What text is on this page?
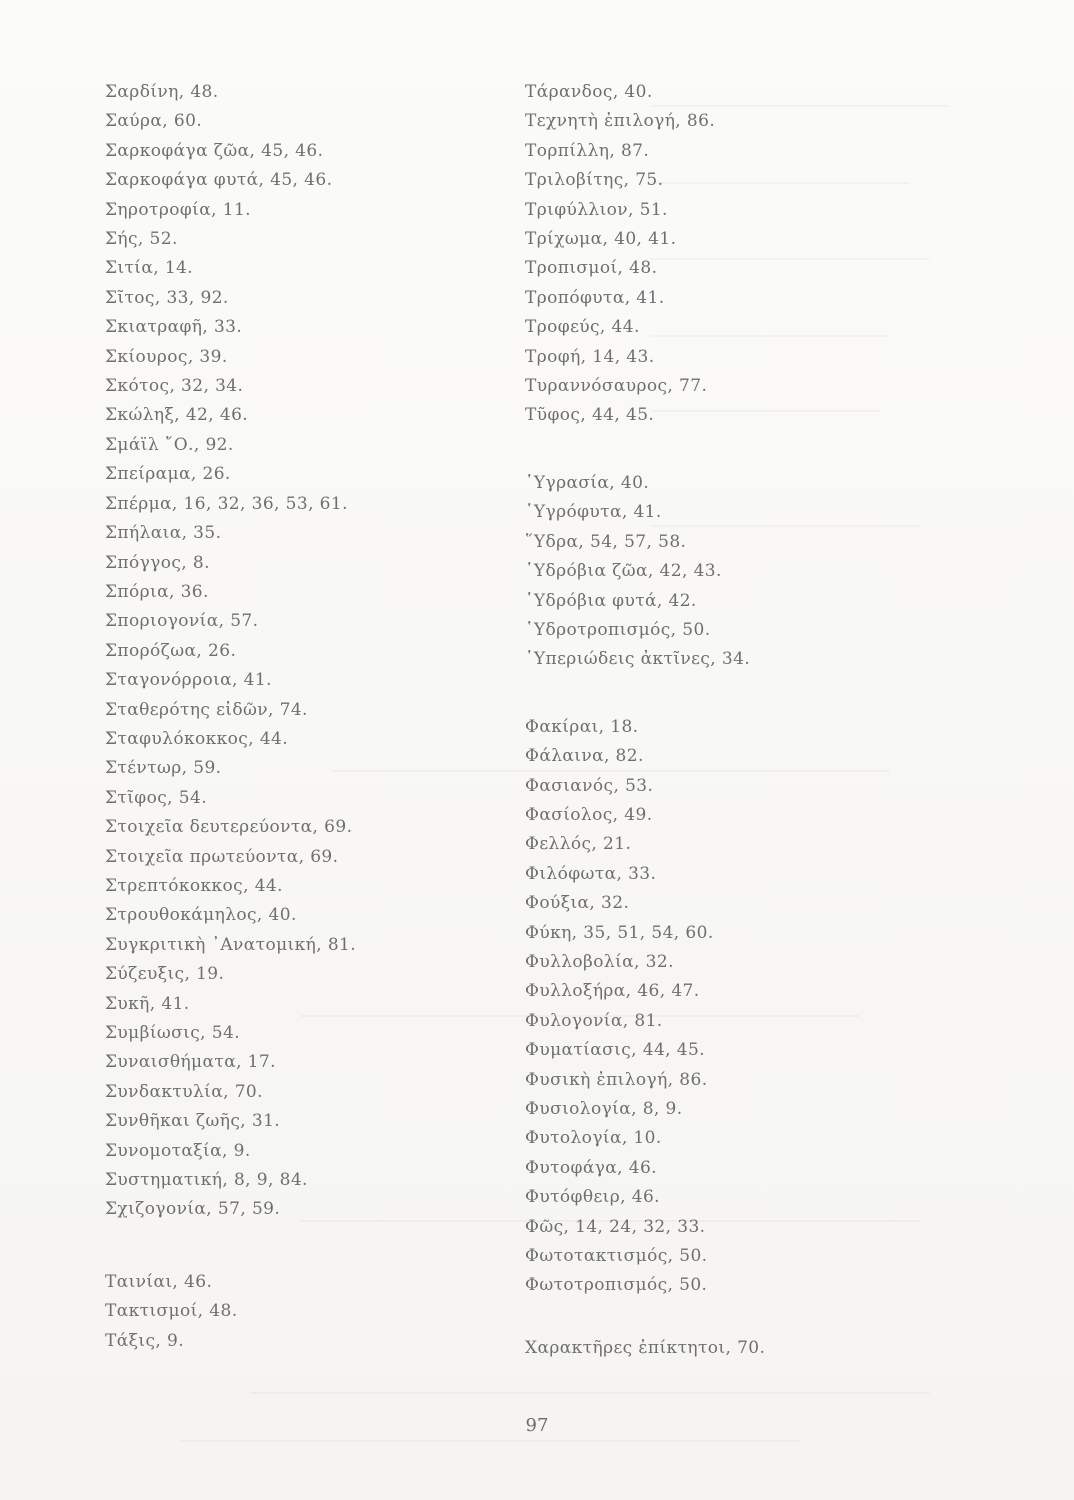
Σαρδίνη, 48.
Σαύρα, 60.
Σαρκοφάγα ζῶα, 45, 46.
Σαρκοφάγα φυτά, 45, 46.
Σηροτροφία, 11.
Σής, 52.
Σιτία, 14.
Σῖτος, 33, 92.
Σκιατραφῆ, 33.
Σκίουρος, 39.
Σκότος, 32, 34.
Σκώληξ, 42, 46.
Σμάϊλ ῎Ο., 92.
Σπείραμα, 26.
Σπέρμα, 16, 32, 36, 53, 61.
Σπήλαια, 35.
Σπόγγος, 8.
Σπόρια, 36.
Σποριογονία, 57.
Σπορόζωα, 26.
Σταγονόρροια, 41.
Σταθερότης εἰδῶν, 74.
Σταφυλόκοκκος, 44.
Στέντωρ, 59.
Στῖφος, 54.
Στοιχεῖα δευτερεύοντα, 69.
Στοιχεῖα πρωτεύοντα, 69.
Στρεπτόκοκκος, 44.
Στρουθοκάμηλος, 40.
Συγκριτικὴ ᾽Ανατομική, 81.
Σύζευξις, 19.
Συκῆ, 41.
Συμβίωσις, 54.
Συναισθήματα, 17.
Συνδακτυλία, 70.
Συνθῆκαι ζωῆς, 31.
Συνομοταξία, 9.
Συστηματική, 8, 9, 84.
Σχιζογονία, 57, 59.
Ταινίαι, 46.
Τακτισμοί, 48.
Τάξις, 9.
Τάρανδος, 40.
Τεχνητὴ ἐπιλογή, 86.
Τορπίλλη, 87.
Τριλοβίτης, 75.
Τριφύλλιον, 51.
Τρίχωμα, 40, 41.
Τροπισμοί, 48.
Τροπόφυτα, 41.
Τροφεύς, 44.
Τροφή, 14, 43.
Τυραννόσαυρος, 77.
Τῦφος, 44, 45.
῾Υγρασία, 40.
῾Υγρόφυτα, 41.
῞Υδρα, 54, 57, 58.
῾Υδρόβια ζῶα, 42, 43.
῾Υδρόβια φυτά, 42.
῾Υδροτροπισμός, 50.
῾Υπεριώδεις ἀκτῖνες, 34.
Φακίραι, 18.
Φάλαινα, 82.
Φασιανός, 53.
Φασίολος, 49.
Φελλός, 21.
Φιλόφωτα, 33.
Φούξια, 32.
Φύκη, 35, 51, 54, 60.
Φυλλοβολία, 32.
Φυλλοξήρα, 46, 47.
Φυλογονία, 81.
Φυματίασις, 44, 45.
Φυσικὴ ἐπιλογή, 86.
Φυσιολογία, 8, 9.
Φυτολογία, 10.
Φυτοφάγα, 46.
Φυτόφθειρ, 46.
Φῶς, 14, 24, 32, 33.
Φωτοτακτισμός, 50.
Φωτοτροπισμός, 50.
Χαρακτῆρες ἐπίκτητοι, 70.
97
